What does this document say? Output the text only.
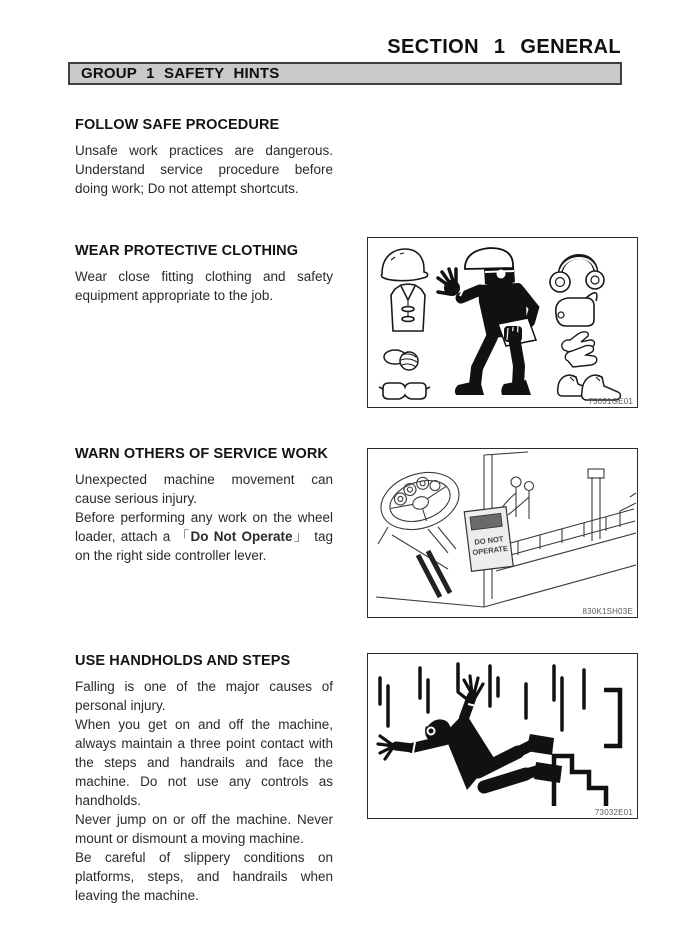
SECTION 1 GENERAL
GROUP 1 SAFETY HINTS
FOLLOW SAFE PROCEDURE

Unsafe work practices are dangerous. Understand service procedure before doing work; Do not attempt shortcuts.

WEAR PROTECTIVE CLOTHING

Wear close fitting clothing and safety equipment appropriate to the job.

73031GE01
WARN OTHERS OF SERVICE WORK

Unexpected machine movement can cause serious injury.

Before performing any work on the wheel loader, attach a 「Do Not Operate」 tag on the right side controller lever.

DO NOT
OPERATE
830K1SH03E
USE HANDHOLDS AND STEPS

Falling is one of the major causes of personal injury.

When you get on and off the machine, always maintain a three point contact with the steps and handrails and face the machine. Do not use any controls as handholds.

Never jump on or off the machine. Never mount or dismount a moving machine.

Be careful of slippery conditions on platforms, steps, and handrails when leaving the machine.

73032E01
